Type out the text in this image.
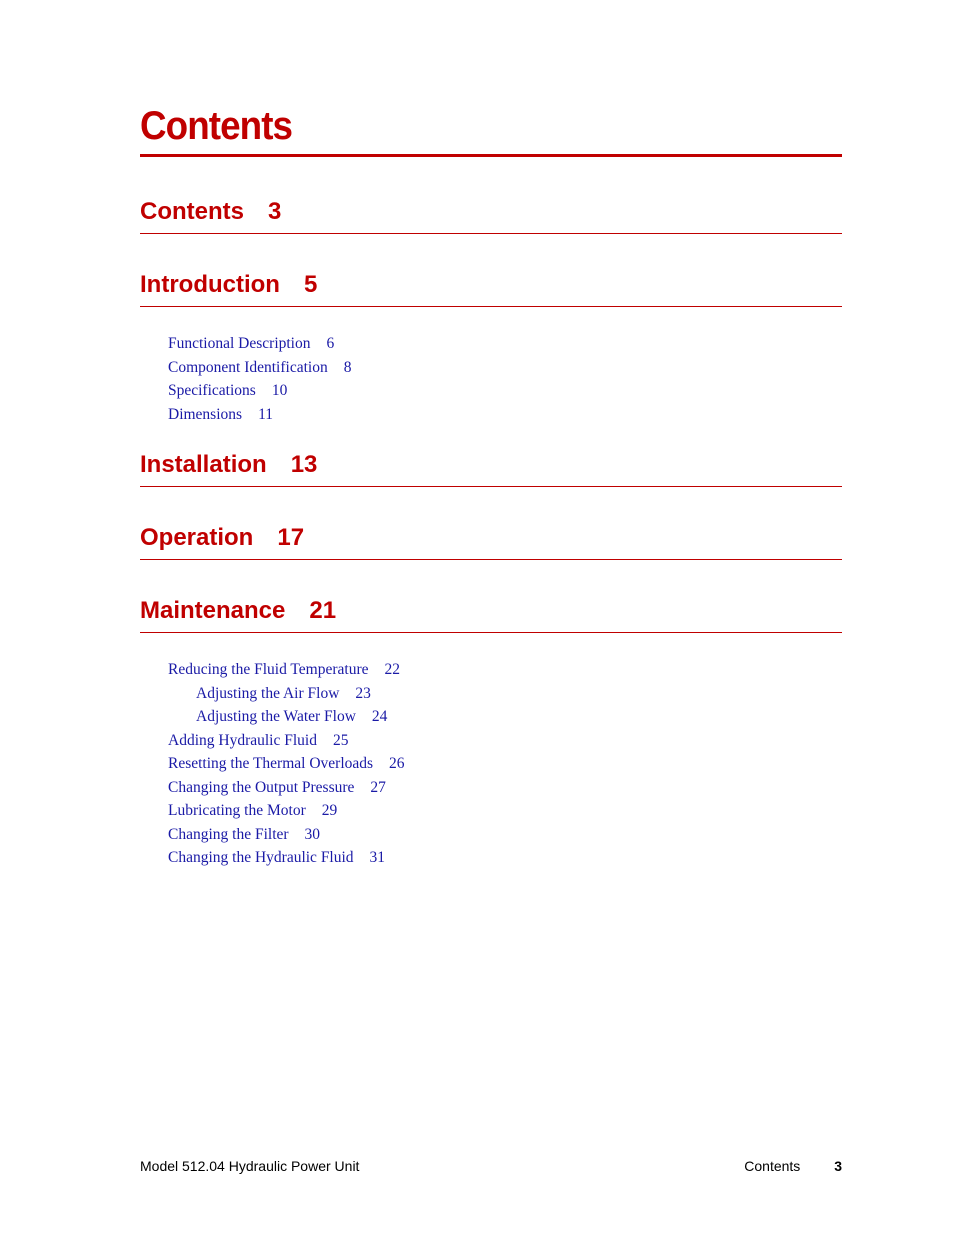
Contents
Contents 3
Introduction 5
Functional Description 6
Component Identification 8
Specifications 10
Dimensions 11
Installation 13
Operation 17
Maintenance 21
Reducing the Fluid Temperature 22
Adjusting the Air Flow 23
Adjusting the Water Flow 24
Adding Hydraulic Fluid 25
Resetting the Thermal Overloads 26
Changing the Output Pressure 27
Lubricating the Motor 29
Changing the Filter 30
Changing the Hydraulic Fluid 31
Model 512.04 Hydraulic Power Unit	Contents 3
